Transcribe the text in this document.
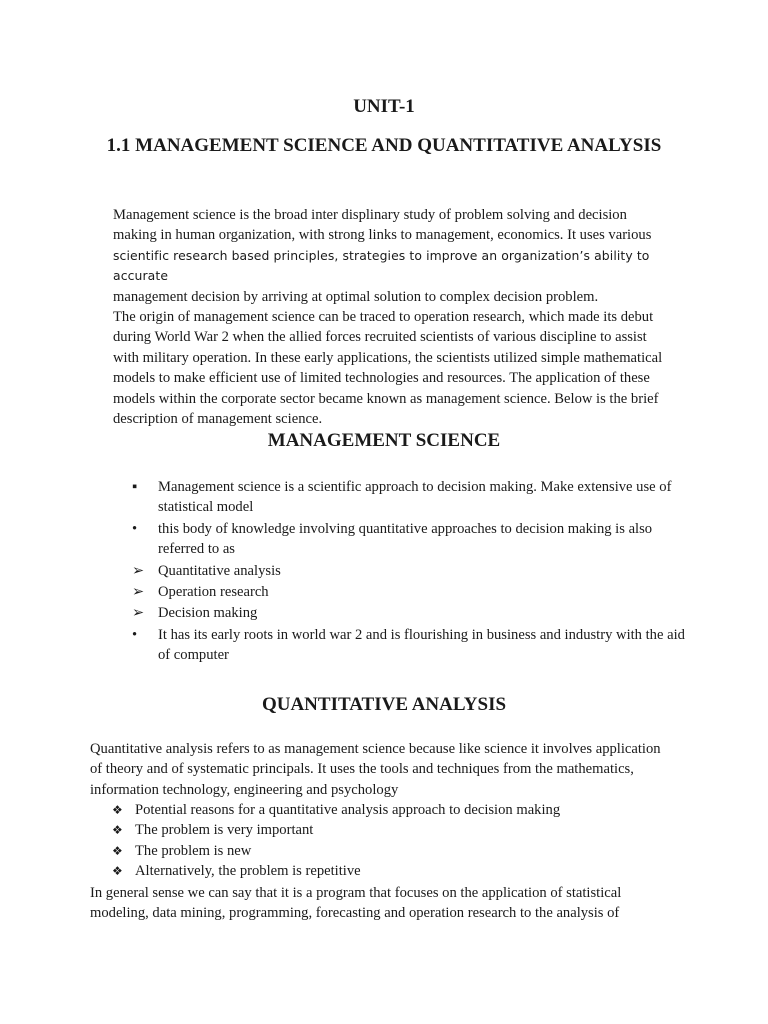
UNIT-1
1.1 MANAGEMENT SCIENCE AND QUANTITATIVE ANALYSIS
Management science is the broad inter displinary study of problem solving and decision
making in human organization, with strong links to management, economics. It uses various
scientific research based principles, strategies to improve an organization’s ability to accurate
management decision by arriving at optimal solution to complex decision problem.
The origin of management science can be traced to operation research, which made its debut during World War 2 when the allied forces recruited scientists of various discipline to assist with military operation. In these early applications, the scientists utilized simple mathematical models to make efficient use of limited technologies and resources. The application of these models within the corporate sector became known as management science. Below is the brief description of management science.
MANAGEMENT SCIENCE
▪	Management science is a scientific approach to decision making. Make extensive use of statistical model
•	this body of knowledge involving quantitative approaches to decision making is also referred to as
➢ Quantitative analysis
➢ Operation research
➢ Decision making
•	It has its early roots in world war 2 and is flourishing in business and industry with the aid of computer
QUANTITATIVE ANALYSIS

Quantitative analysis refers to as management science because like science it involves application of theory and of systematic principals. It uses the tools and techniques from the mathematics, information technology, engineering and psychology

❖ Potential reasons for a quantitative analysis approach to decision making
❖ The problem is very important
❖ The problem is new
❖ Alternatively, the problem is repetitive

In general sense we can say that it is a program that focuses on the application of statistical modeling, data mining, programming, forecasting and operation research to the analysis of
